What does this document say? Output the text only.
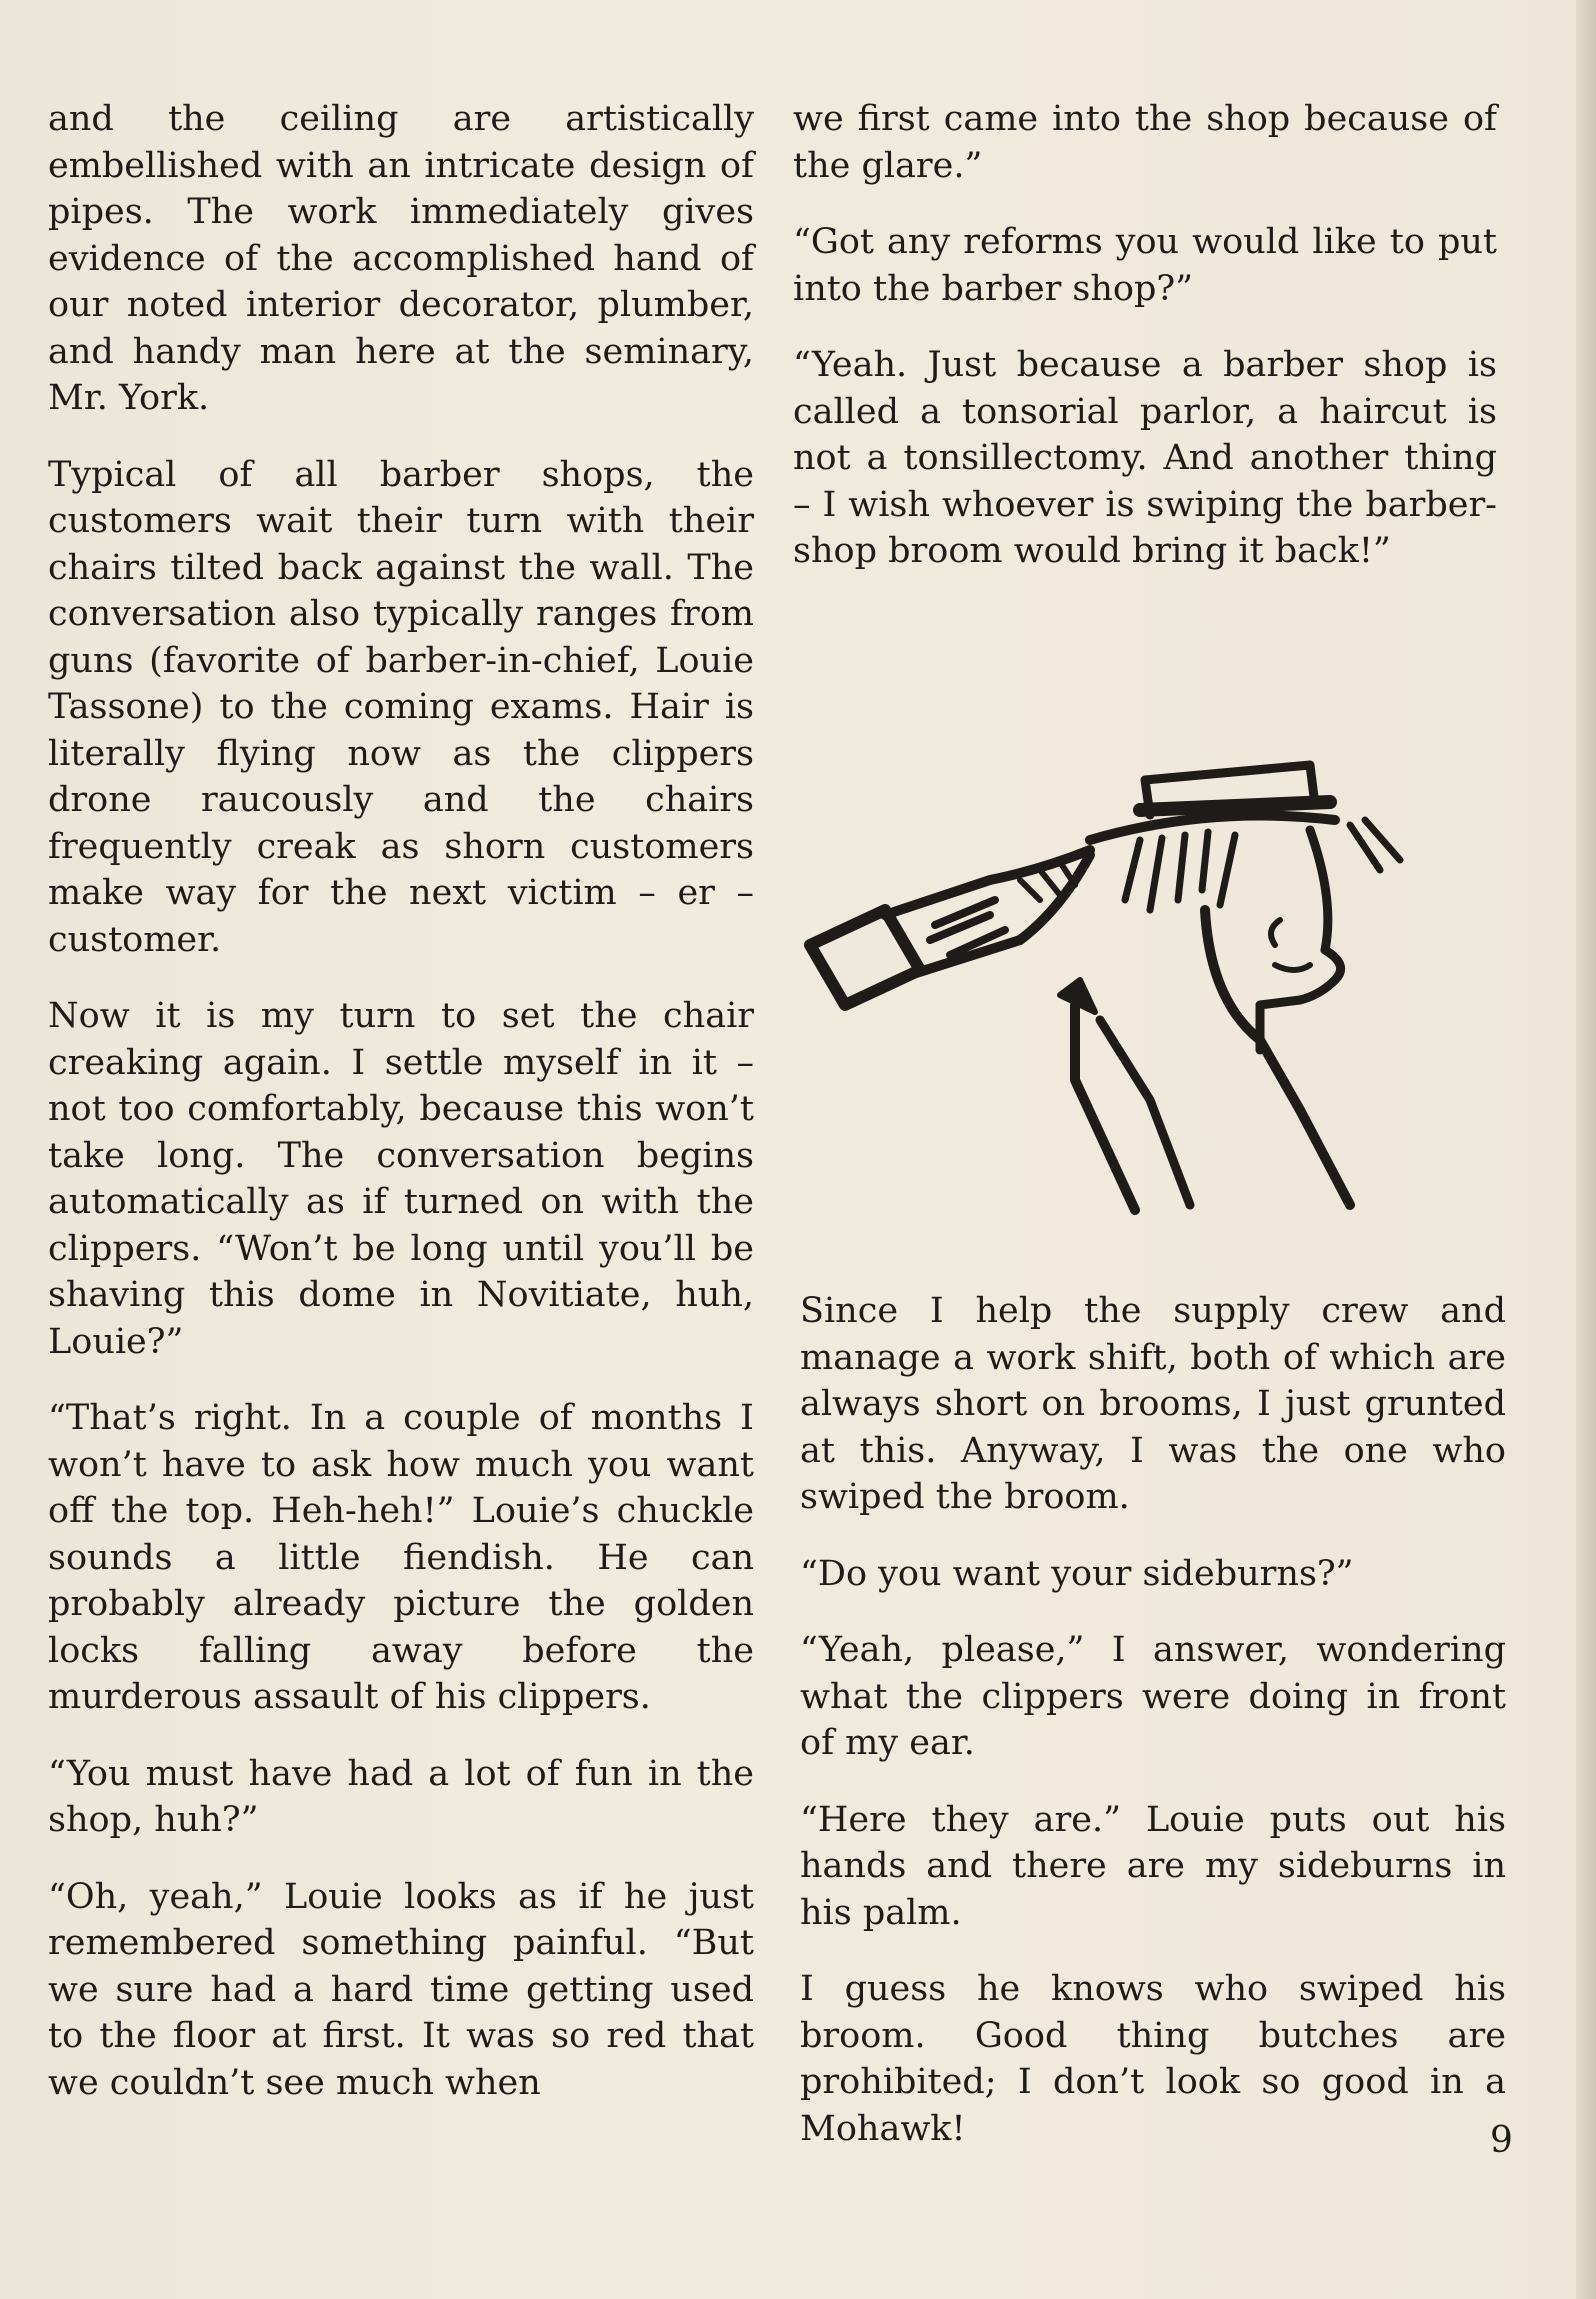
and the ceiling are artistically embellished with an intricate design of pipes. The work immediately gives evidence of the accomplished hand of our noted interior decorator, plumber, and handy man here at the seminary, Mr. York.

Typical of all barber shops, the customers wait their turn with their chairs tilted back against the wall. The conversation also typically ranges from guns (favorite of barber-in-chief, Louie Tassone) to the coming exams. Hair is literally flying now as the clippers drone raucously and the chairs frequently creak as shorn customers make way for the next victim – er – customer.

Now it is my turn to set the chair creaking again. I settle myself in it – not too comfortably, because this won’t take long. The conversation begins automatically as if turned on with the clippers. “Won’t be long until you’ll be shaving this dome in Novitiate, huh, Louie?”

“That’s right. In a couple of months I won’t have to ask how much you want off the top. Heh-heh!” Louie’s chuckle sounds a little fiendish. He can probably already picture the golden locks falling away before the murderous assault of his clippers.

“You must have had a lot of fun in the shop, huh?”

“Oh, yeah,” Louie looks as if he just remembered something painful. “But we sure had a hard time getting used to the floor at first. It was so red that we couldn’t see much when

we first came into the shop because of the glare.”

“Got any reforms you would like to put into the barber shop?”

“Yeah. Just because a barber shop is called a tonsorial parlor, a haircut is not a tonsillectomy. And another thing – I wish whoever is swiping the barber-shop broom would bring it back!”

Since I help the supply crew and manage a work shift, both of which are always short on brooms, I just grunted at this. Anyway, I was the one who swiped the broom.

“Do you want your sideburns?”

“Yeah, please,” I answer, wondering what the clippers were doing in front of my ear.

“Here they are.” Louie puts out his hands and there are my sideburns in his palm.

I guess he knows who swiped his broom. Good thing butches are prohibited; I don’t look so good in a Mohawk!	9
